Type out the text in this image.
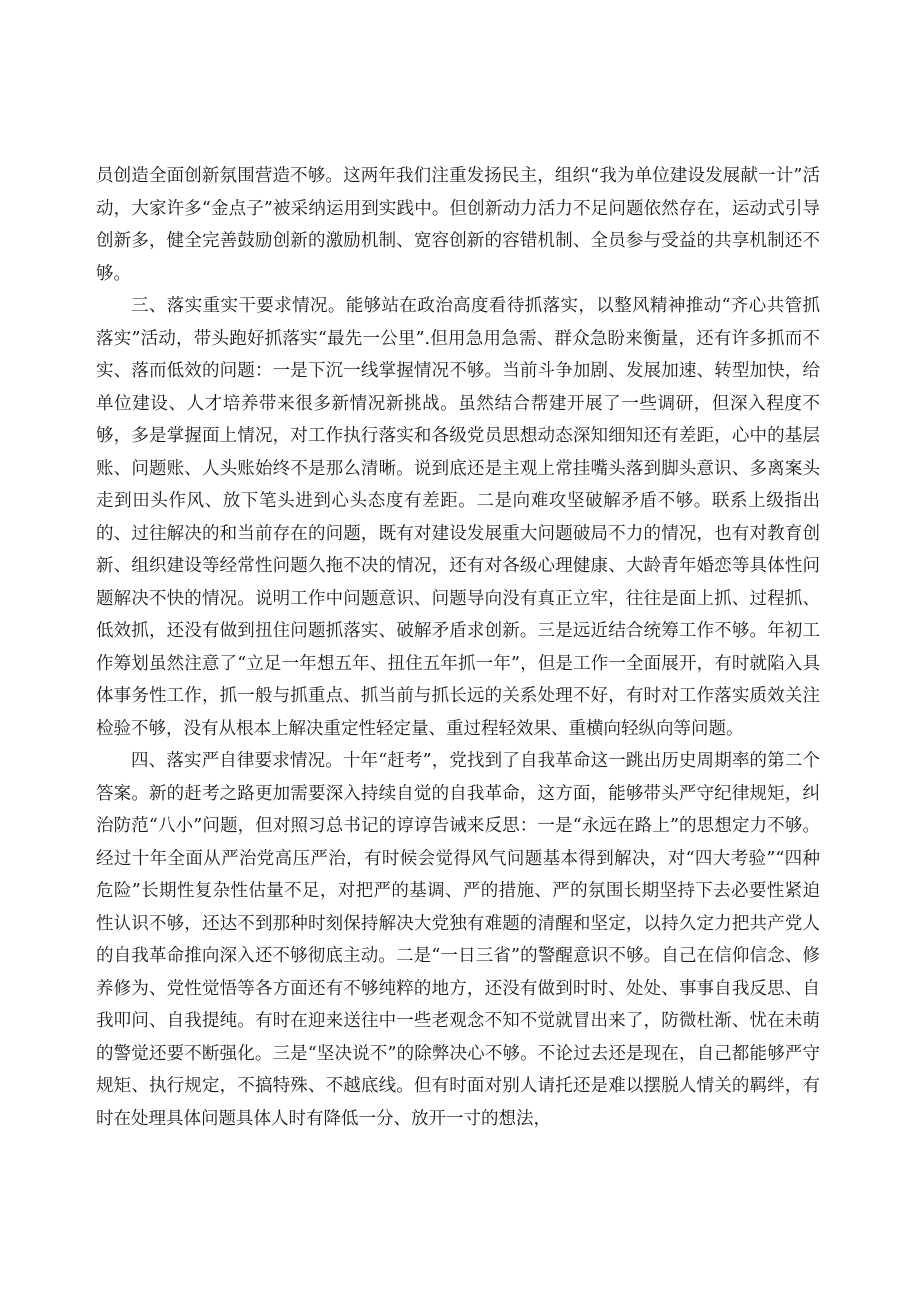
员创造全面创新氛围营造不够。这两年我们注重发扬民主，组织“我为单位建设发展献一计”活动，大家许多“金点子”被采纳运用到实践中。但创新动力活力不足问题依然存在，运动式引导创新多，健全完善鼓励创新的激励机制、宽容创新的容错机制、全员参与受益的共享机制还不够。

三、落实重实干要求情况。能够站在政治高度看待抓落实，以整风精神推动“齐心共管抓落实”活动，带头跑好抓落实“最先一公里”.但用急用急需、群众急盼来衡量，还有许多抓而不实、落而低效的问题：一是下沉一线掌握情况不够。当前斗争加剧、发展加速、转型加快，给单位建设、人才培养带来很多新情况新挑战。虽然结合帮建开展了一些调研，但深入程度不够，多是掌握面上情况，对工作执行落实和各级党员思想动态深知细知还有差距，心中的基层账、问题账、人头账始终不是那么清晰。说到底还是主观上常挂嘴头落到脚头意识、多离案头走到田头作风、放下笔头进到心头态度有差距。二是向难攻坚破解矛盾不够。联系上级指出的、过往解决的和当前存在的问题，既有对建设发展重大问题破局不力的情况，也有对教育创新、组织建设等经常性问题久拖不决的情况，还有对各级心理健康、大龄青年婚恋等具体性问题解决不快的情况。说明工作中问题意识、问题导向没有真正立牢，往往是面上抓、过程抓、低效抓，还没有做到扭住问题抓落实、破解矛盾求创新。三是远近结合统筹工作不够。年初工作筹划虽然注意了“立足一年想五年、扭住五年抓一年”，但是工作一全面展开，有时就陷入具体事务性工作，抓一般与抓重点、抓当前与抓长远的关系处理不好，有时对工作落实质效关注检验不够，没有从根本上解决重定性轻定量、重过程轻效果、重横向轻纵向等问题。

四、落实严自律要求情况。十年“赶考”，党找到了自我革命这一跳出历史周期率的第二个答案。新的赶考之路更加需要深入持续自觉的自我革命，这方面，能够带头严守纪律规矩，纠治防范“八小”问题，但对照习总书记的谆谆告诫来反思：一是“永远在路上”的思想定力不够。经过十年全面从严治党高压严治，有时候会觉得风气问题基本得到解决，对“四大考验”“四种危险”长期性复杂性估量不足，对把严的基调、严的措施、严的氛围长期坚持下去必要性紧迫性认识不够，还达不到那种时刻保持解决大党独有难题的清醒和坚定，以持久定力把共产党人的自我革命推向深入还不够彻底主动。二是“一日三省”的警醒意识不够。自己在信仰信念、修养修为、党性觉悟等各方面还有不够纯粹的地方，还没有做到时时、处处、事事自我反思、自我叩问、自我提纯。有时在迎来送往中一些老观念不知不觉就冒出来了，防微杜渐、忧在未萌的警觉还要不断强化。三是“坚决说不”的除弊决心不够。不论过去还是现在，自己都能够严守规矩、执行规定，不搞特殊、不越底线。但有时面对别人请托还是难以摆脱人情关的羁绊，有时在处理具体问题具体人时有降低一分、放开一寸的想法，
